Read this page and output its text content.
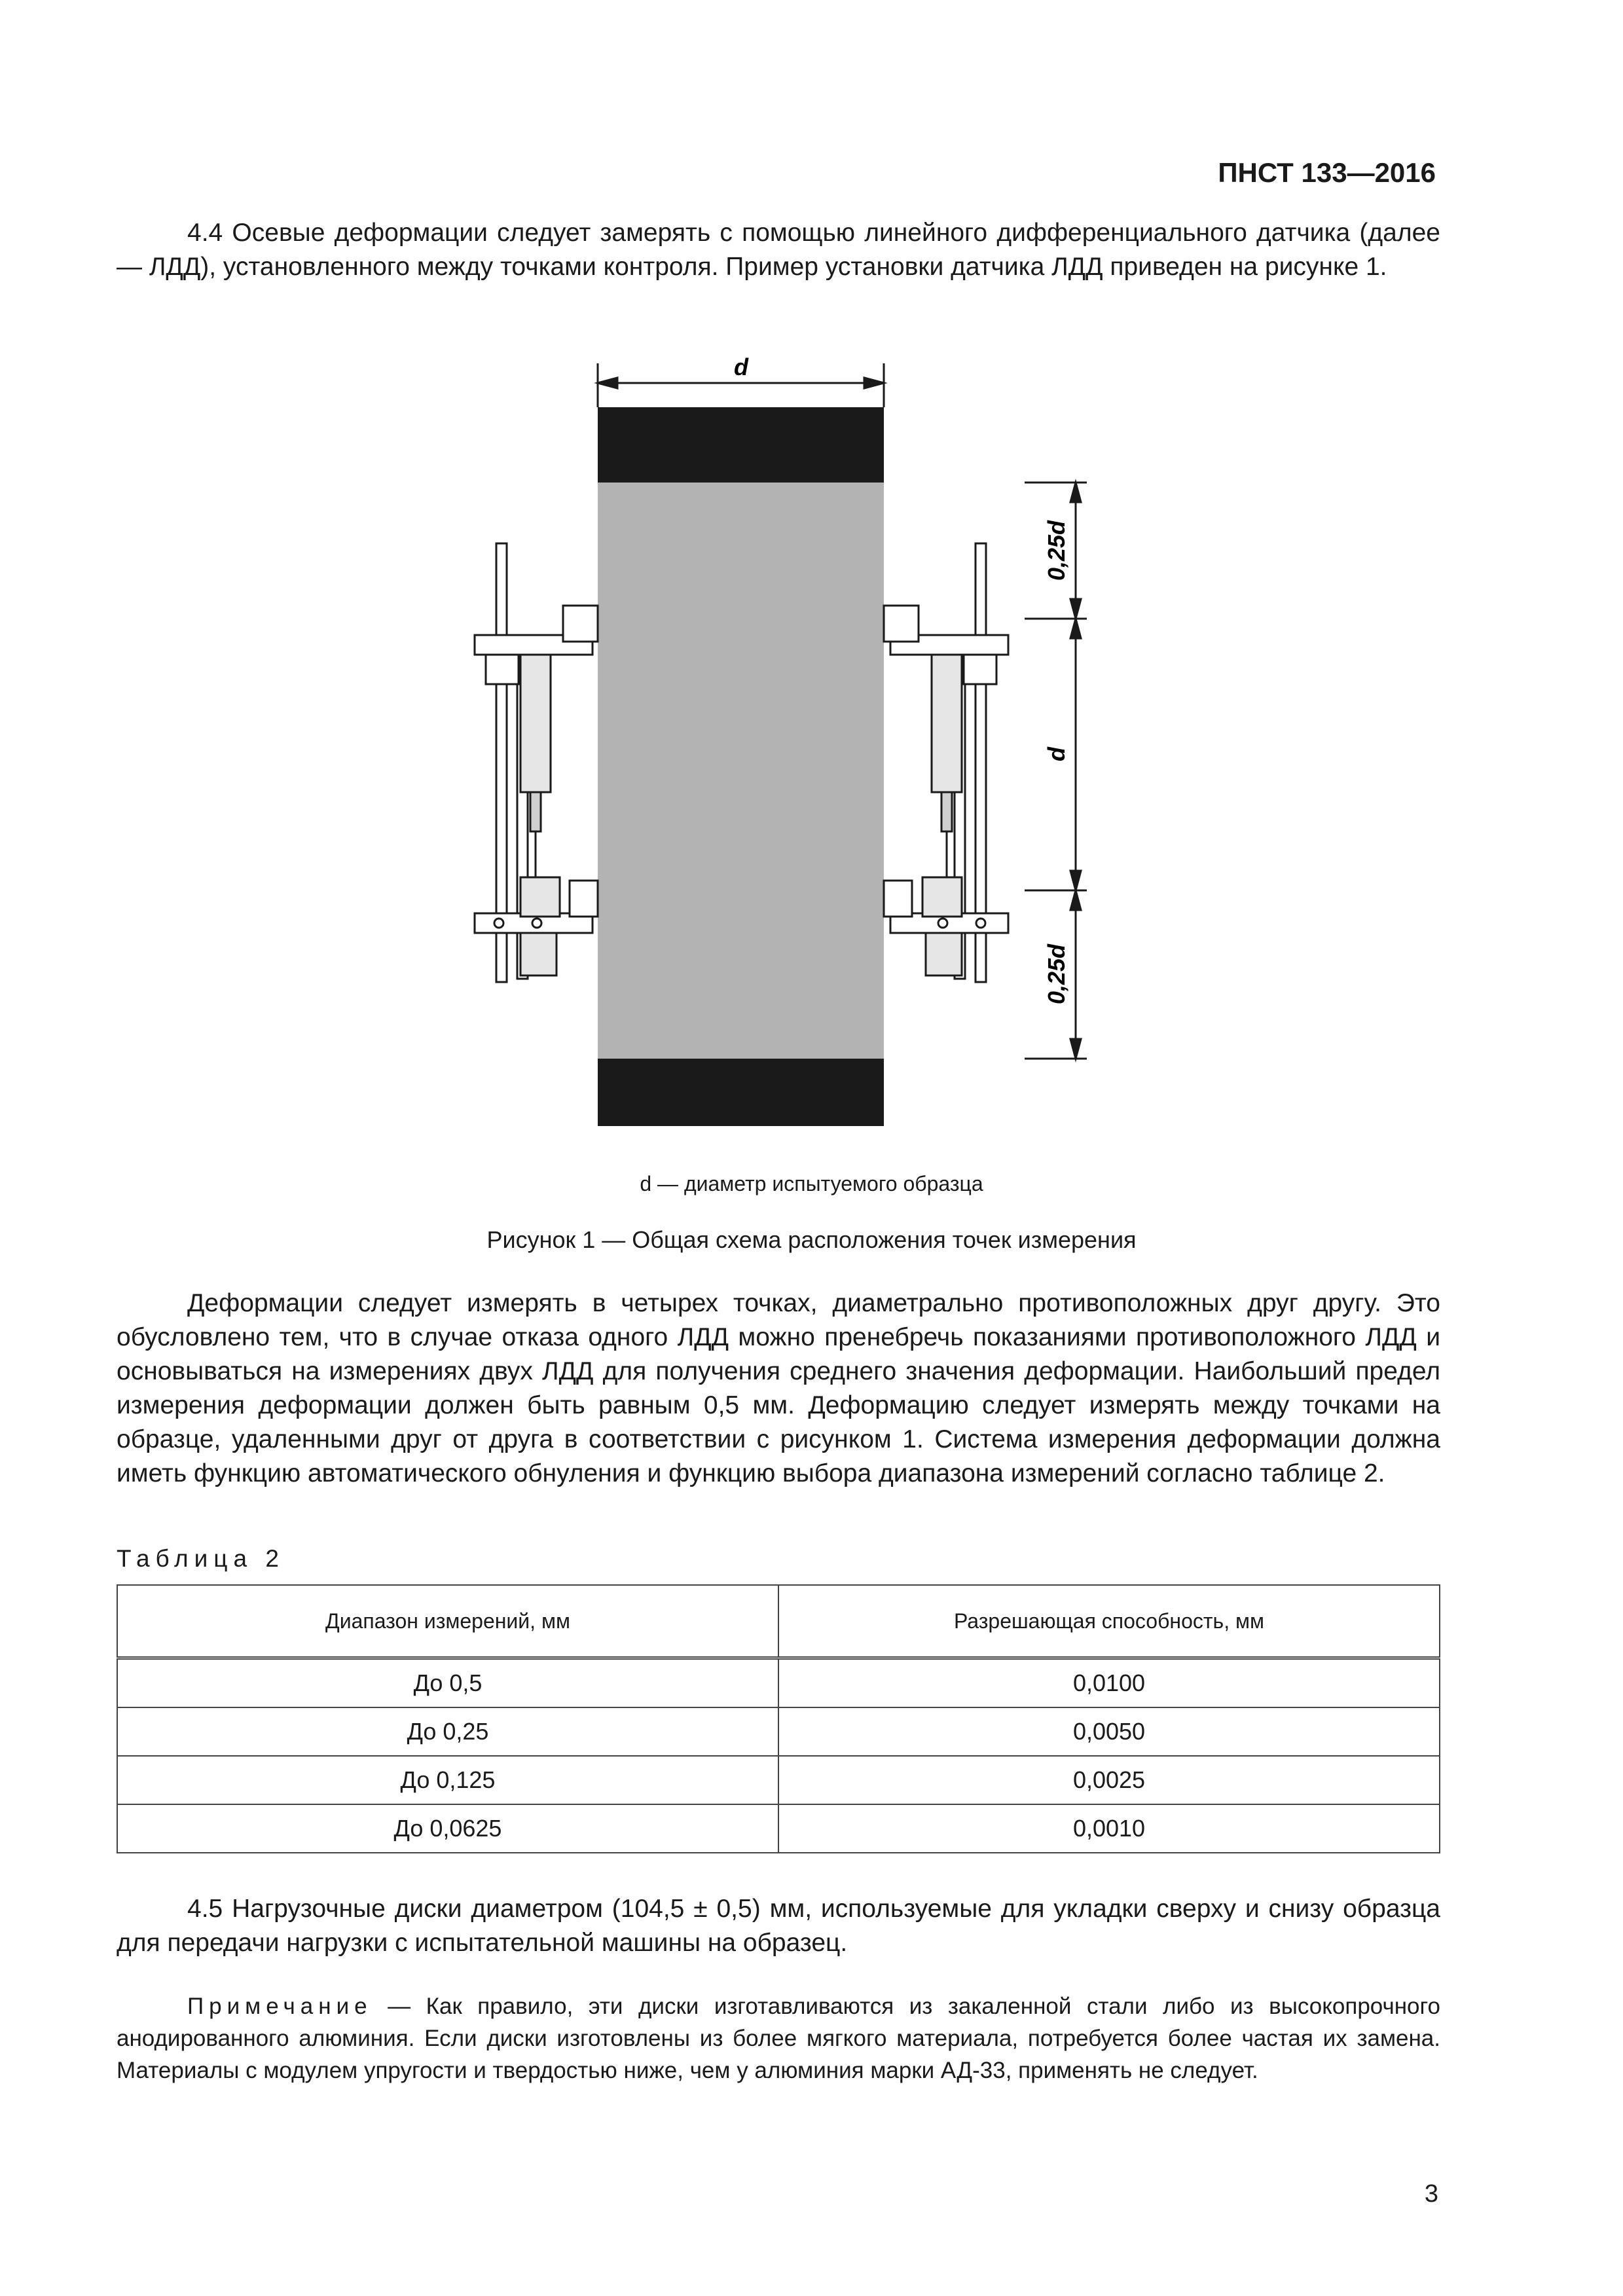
ПНСТ 133—2016

4.4 Осевые деформации следует замерять с помощью линейного дифференциального датчика (далее — ЛДД), установленного между точками контроля. Пример установки датчика ЛДД приведен на рисунке 1.

d
0,25d
d
0,25d
d — диаметр испытуемого образца
Рисунок 1 — Общая схема расположения точек измерения

Деформации следует измерять в четырех точках, диаметрально противоположных друг другу. Это обусловлено тем, что в случае отказа одного ЛДД можно пренебречь показаниями противоположного ЛДД и основываться на измерениях двух ЛДД для получения среднего значения деформации. Наибольший предел измерения деформации должен быть равным 0,5 мм. Деформацию следует измерять между точками на образце, удаленными друг от друга в соответствии с рисунком 1. Система измерения деформации должна иметь функцию автоматического обнуления и функцию выбора диапазона измерений согласно таблице 2.

Таблица 2
Диапазон измерений, мм	Разрешающая способность, мм
До 0,5	0,0100
До 0,25	0,0050
До 0,125	0,0025
До 0,0625	0,0010

4.5 Нагрузочные диски диаметром (104,5 ± 0,5) мм, используемые для укладки сверху и снизу образца для передачи нагрузки с испытательной машины на образец.

Примечание — Как правило, эти диски изготавливаются из закаленной стали либо из высокопрочного анодированного алюминия. Если диски изготовлены из более мягкого материала, потребуется более частая их замена. Материалы с модулем упругости и твердостью ниже, чем у алюминия марки АД-33, применять не следует.

3
